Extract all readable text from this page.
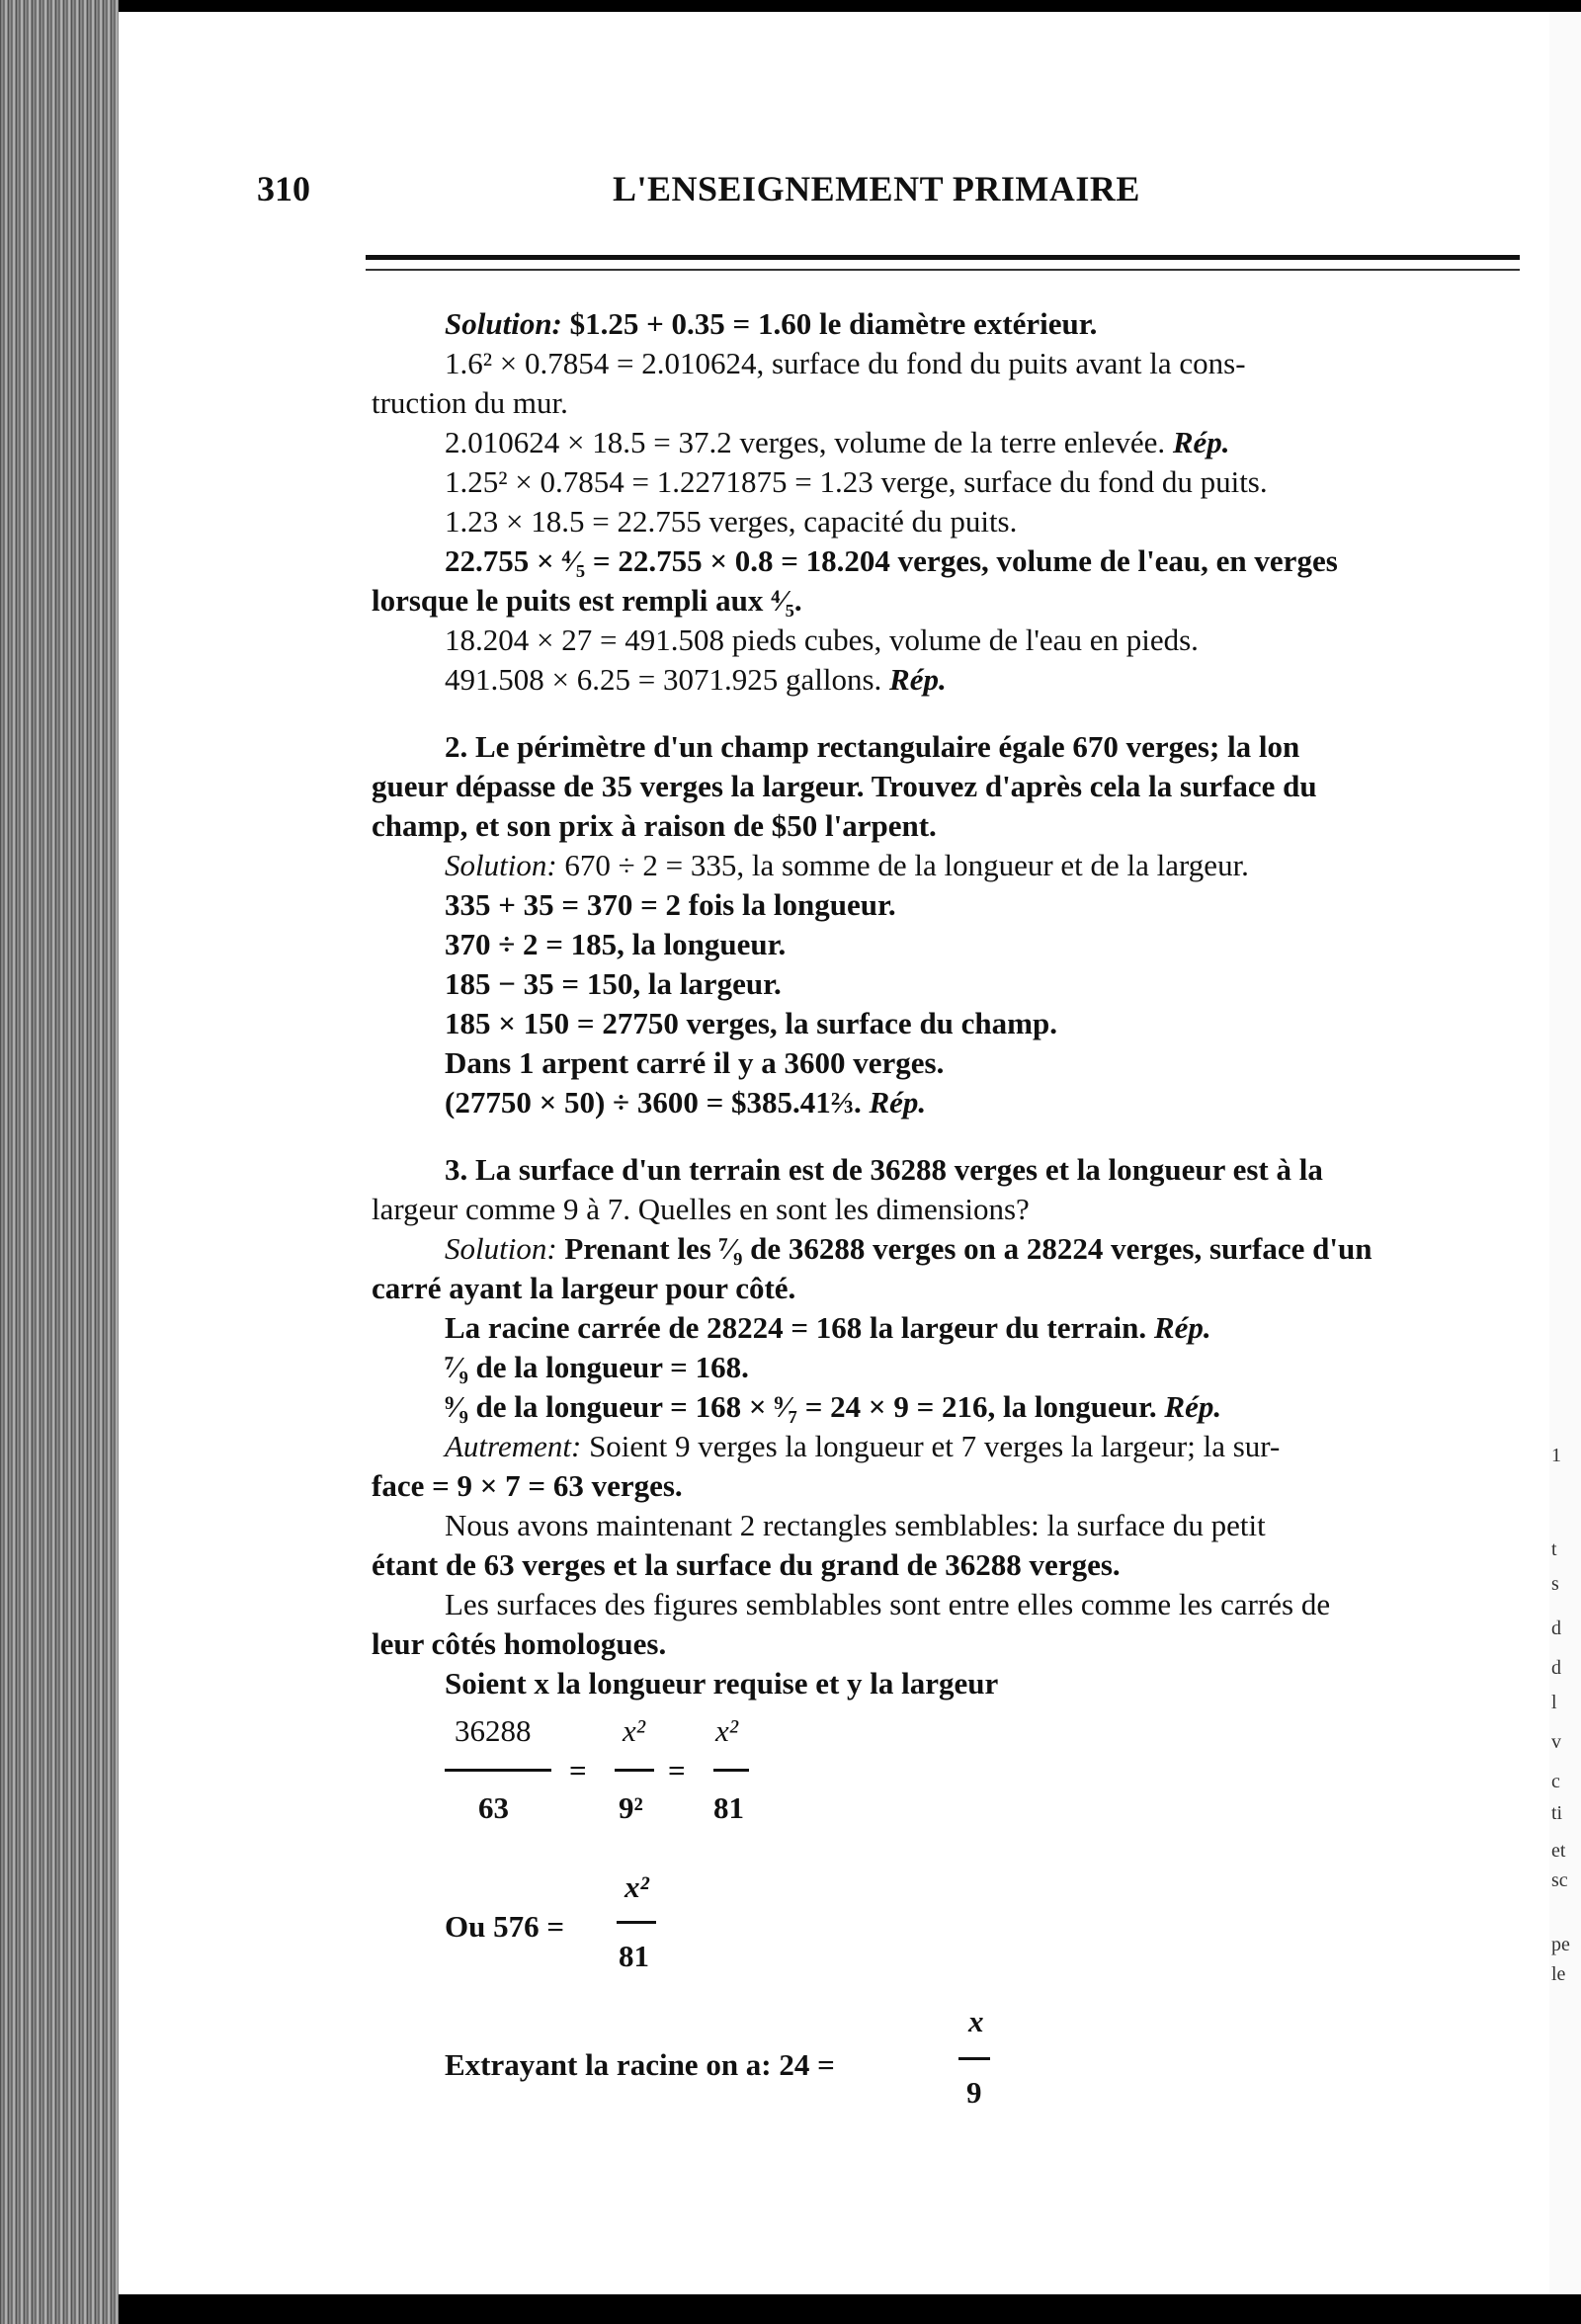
1
t
s
d
d
l
v
c
ti
et
sc
pe
le
310	L'ENSEIGNEMENT PRIMAIRE
Solution: $1.25 + 0.35 = 1.60 le diamètre extérieur.
1.6² × 0.7854 = 2.010624, surface du fond du puits avant la cons-
truction du mur.
2.010624 × 18.5 = 37.2 verges, volume de la terre enlevée. Rép.
1.25² × 0.7854 = 1.2271875 = 1.23 verge, surface du fond du puits.
1.23 × 18.5 = 22.755 verges, capacité du puits.
22.755 × ⁴⁄₅ = 22.755 × 0.8 = 18.204 verges, volume de l'eau, en verges
lorsque le puits est rempli aux ⁴⁄₅.
18.204 × 27 = 491.508 pieds cubes, volume de l'eau en pieds.
491.508 × 6.25 = 3071.925 gallons. Rép.
2. Le périmètre d'un champ rectangulaire égale 670 verges; la lon
gueur dépasse de 35 verges la largeur. Trouvez d'après cela la surface du
champ, et son prix à raison de $50 l'arpent.
Solution: 670 ÷ 2 = 335, la somme de la longueur et de la largeur.
335 + 35 = 370 = 2 fois la longueur.
370 ÷ 2 = 185, la longueur.
185 − 35 = 150, la largeur.
185 × 150 = 27750 verges, la surface du champ.
Dans 1 arpent carré il y a 3600 verges.
(27750 × 50) ÷ 3600 = $385.41⅔. Rép.
3. La surface d'un terrain est de 36288 verges et la longueur est à la
largeur comme 9 à 7. Quelles en sont les dimensions?
Solution: Prenant les ⁷⁄₉ de 36288 verges on a 28224 verges, surface d'un
carré ayant la largeur pour côté.
La racine carrée de 28224 = 168 la largeur du terrain. Rép.
⁷⁄₉ de la longueur = 168.
⁹⁄₉ de la longueur = 168 × ⁹⁄₇ = 24 × 9 = 216, la longueur. Rép.
Autrement: Soient 9 verges la longueur et 7 verges la largeur; la sur-
face = 9 × 7 = 63 verges.
Nous avons maintenant 2 rectangles semblables: la surface du petit
étant de 63 verges et la surface du grand de 36288 verges.
Les surfaces des figures semblables sont entre elles comme les carrés de
leur côtés homologues.
Soient x la longueur requise et y la largeur
36288
63
=
x²
9²
=
x²
81
Ou 576 =
x²
81
Extrayant la racine on a: 24 =
x
9
